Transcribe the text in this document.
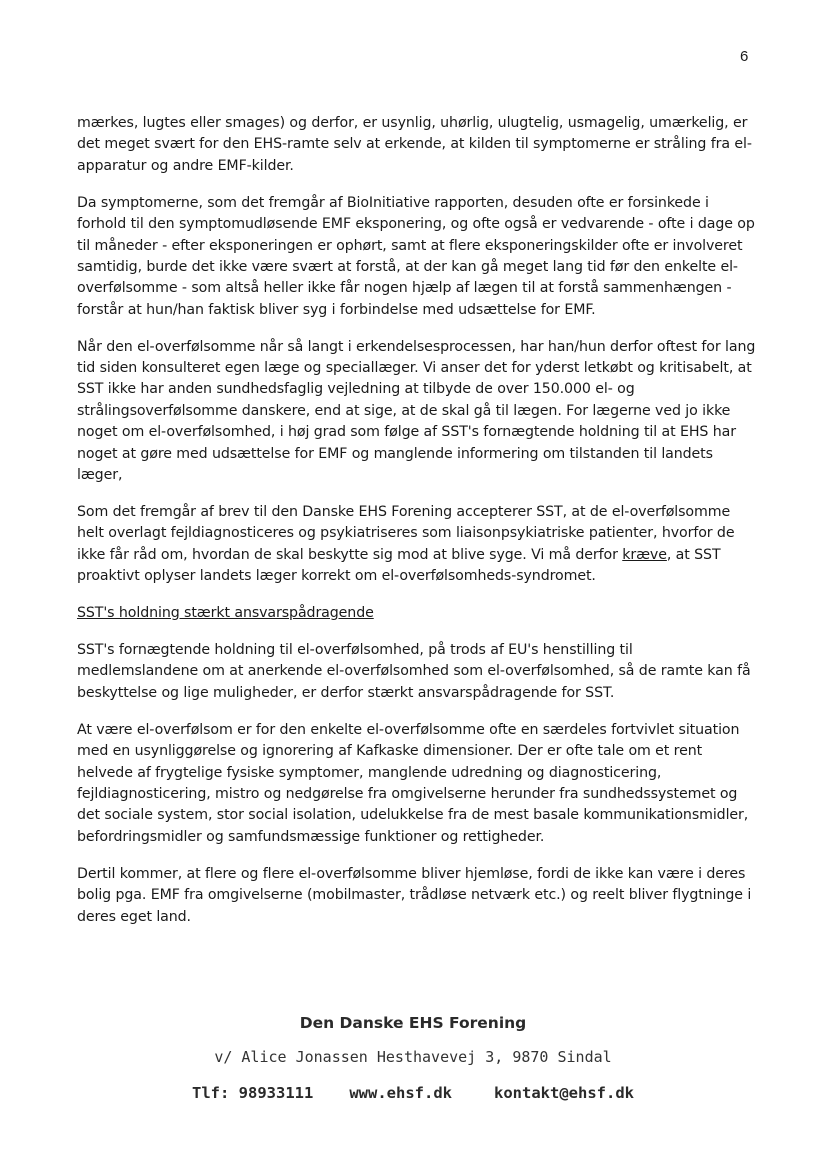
6

mærkes, lugtes eller smages) og derfor, er usynlig, uhørlig, ulugtelig, usmagelig, umærkelig, er det meget svært for den EHS-ramte selv at erkende, at kilden til symptomerne er stråling fra el-apparatur og andre EMF-kilder.

Da symptomerne, som det fremgår af BioInitiative rapporten, desuden ofte er forsinkede i forhold til den symptomudløsende EMF eksponering, og ofte også er vedvarende - ofte i dage op til måneder - efter eksponeringen er ophørt, samt at flere eksponeringskilder ofte er involveret samtidig, burde det ikke være svært at forstå, at der kan gå meget lang tid før den enkelte el-overfølsomme - som altså heller ikke får nogen hjælp af lægen til at forstå sammenhængen - forstår at hun/han faktisk bliver syg i forbindelse med udsættelse for EMF.

Når den el-overfølsomme når så langt i erkendelsesprocessen, har han/hun derfor oftest for lang tid siden konsulteret egen læge og speciallæger. Vi anser det for yderst letkøbt og kritisabelt, at SST ikke har anden sundhedsfaglig vejledning at tilbyde de over 150.000 el- og strålingsoverfølsomme danskere, end at sige, at de skal gå til lægen. For lægerne ved jo ikke noget om el-overfølsomhed, i høj grad som følge af SST's fornægtende holdning til at EHS har noget at gøre med udsættelse for EMF og manglende informering om tilstanden til landets læger,

Som det fremgår af brev til den Danske EHS Forening accepterer SST, at de el-overfølsomme helt overlagt fejldiagnosticeres og psykiatriseres som liaisonpsykiatriske patienter, hvorfor de ikke får råd om, hvordan de skal beskytte sig mod at blive syge. Vi må derfor kræve, at SST proaktivt oplyser landets læger korrekt om el-overfølsomheds-syndromet.

SST's holdning stærkt ansvarspådragende

SST's fornægtende holdning til el-overfølsomhed, på trods af EU's henstilling til medlemslandene om at anerkende el-overfølsomhed som el-overfølsomhed, så de ramte kan få beskyttelse og lige muligheder, er derfor stærkt ansvarspådragende for SST.

At være el-overfølsom er for den enkelte el-overfølsomme ofte en særdeles fortvivlet situation med en usynliggørelse og ignorering af Kafkaske dimensioner. Der er ofte tale om et rent helvede af frygtelige fysiske symptomer, manglende udredning og diagnosticering, fejldiagnosticering, mistro og nedgørelse fra omgivelserne herunder fra sundhedssystemet og det sociale system, stor social isolation, udelukkelse fra de mest basale kommunikationsmidler, befordringsmidler og samfundsmæssige funktioner og rettigheder.

Dertil kommer, at flere og flere el-overfølsomme bliver hjemløse, fordi de ikke kan være i deres bolig pga. EMF fra omgivelserne (mobilmaster, trådløse netværk etc.) og reelt bliver flygtninge i deres eget land.

Den Danske EHS Forening
v/ Alice Jonassen Hesthavevej 3, 9870 Sindal
Tlf: 98933111 www.ehsf.dk	kontakt@ehsf.dk
